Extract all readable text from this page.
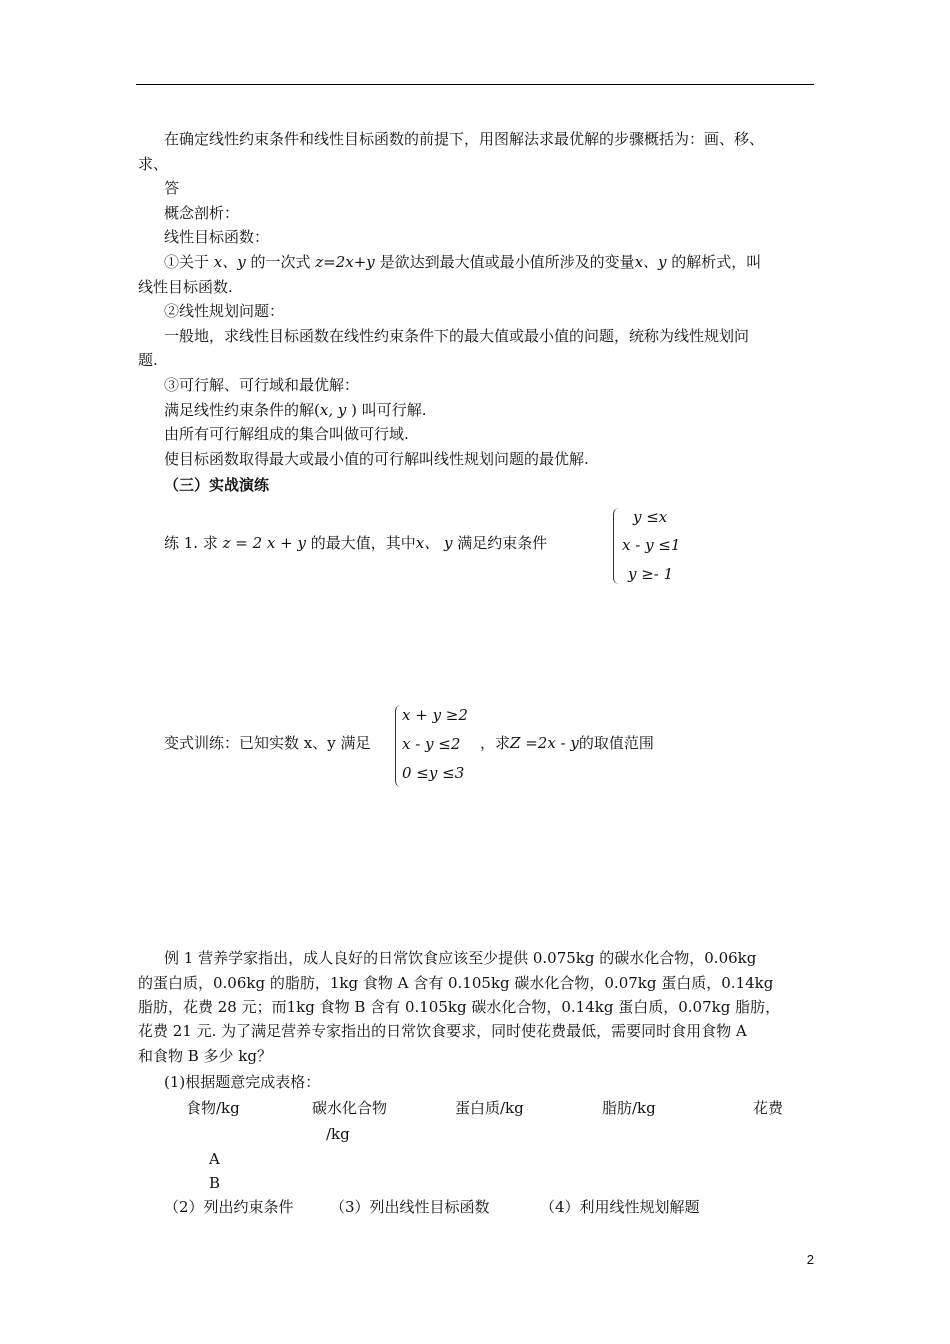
在确定线性约束条件和线性目标函数的前提下，用图解法求最优解的步骤概括为：画、移、
求、
答
概念剖析：
线性目标函数：
①关于 x、y 的一次式 z=2x+y 是欲达到最大值或最小值所涉及的变量x、y 的解析式，叫
线性目标函数.
②线性规划问题：
一般地，求线性目标函数在线性约束条件下的最大值或最小值的问题，统称为线性规划问
题.
③可行解、可行域和最优解：
满足线性约束条件的解(x, y ) 叫可行解.
由所有可行解组成的集合叫做可行域.
使目标函数取得最大或最小值的可行解叫线性规划问题的最优解.
（三）实战演练
练 1. 求 z = 2 x + y 的最大值，其中x、 y 满足约束条件
y ≤x
x - y ≤1
y ≥- 1
变式训练：已知实数 x、y 满足
x + y ≥2
x - y ≤2
0 ≤y ≤3
，求Z =2x - y的取值范围
例 1 营养学家指出，成人良好的日常饮食应该至少提供 0.075kg 的碳水化合物，0.06kg
的蛋白质，0.06kg 的脂肪，1kg 食物 A 含有 0.105kg 碳水化合物，0.07kg 蛋白质，0.14kg
脂肪，花费 28 元；而1kg 食物 B 含有 0.105kg 碳水化合物，0.14kg 蛋白质，0.07kg 脂肪，
花费 21 元. 为了满足营养专家指出的日常饮食要求，同时使花费最低，需要同时食用食物 A
和食物 B 多少 kg？
(1)根据题意完成表格：
食物/kg	碳水化合物	蛋白质/kg	脂肪/kg	花费
/kg
A
B
（2）列出约束条件 （3）列出线性目标函数	（4）利用线性规划解题
2
